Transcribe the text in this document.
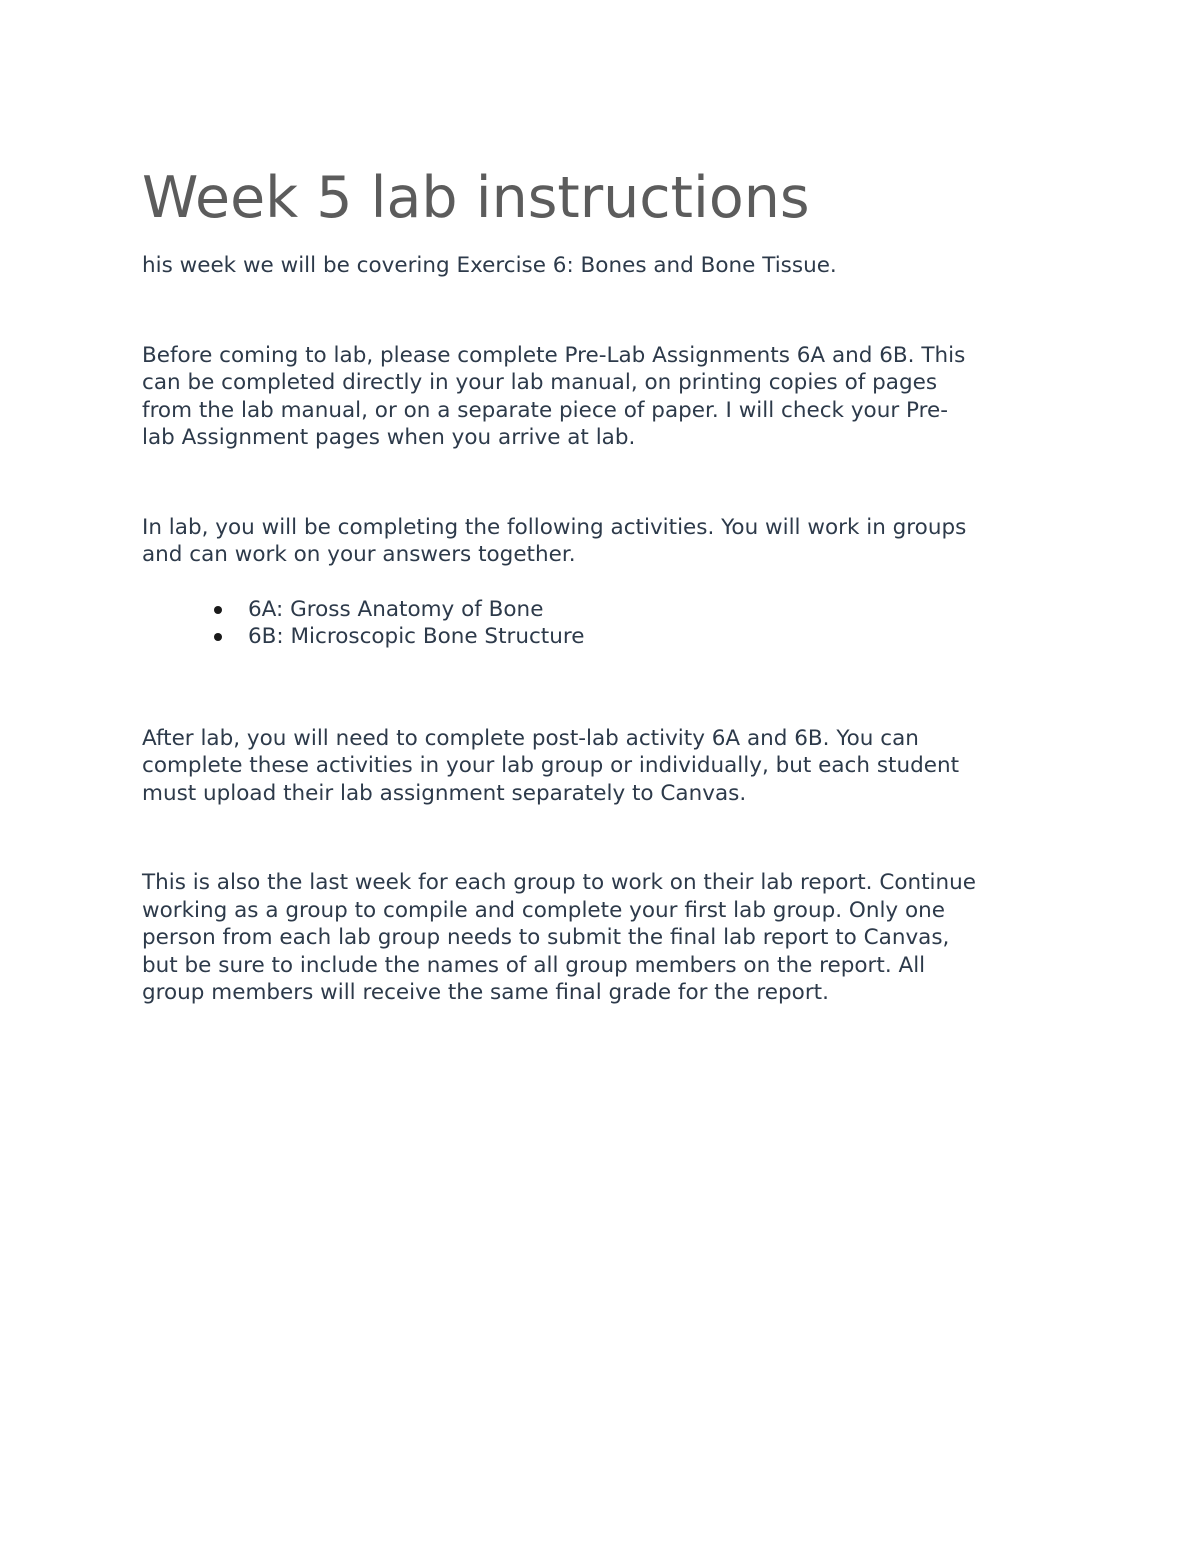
Week 5 lab instructions

his week we will be covering Exercise 6: Bones and Bone Tissue.

Before coming to lab, please complete Pre-Lab Assignments 6A and 6B. This

can be completed directly in your lab manual, on printing copies of pages

from the lab manual, or on a separate piece of paper. I will check your Pre-

lab Assignment pages when you arrive at lab.

In lab, you will be completing the following activities. You will work in groups

and can work on your answers together.

6A: Gross Anatomy of Bone
6B: Microscopic Bone Structure

After lab, you will need to complete post-lab activity 6A and 6B. You can

complete these activities in your lab group or individually, but each student

must upload their lab assignment separately to Canvas.

This is also the last week for each group to work on their lab report. Continue

working as a group to compile and complete your first lab group. Only one

person from each lab group needs to submit the final lab report to Canvas,

but be sure to include the names of all group members on the report. All

group members will receive the same final grade for the report.
